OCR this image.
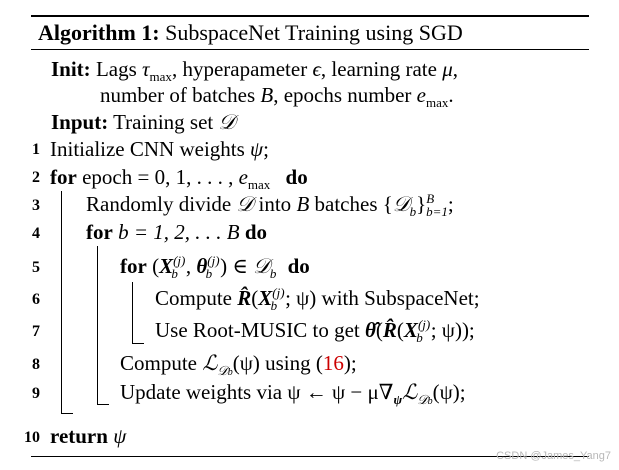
Algorithm 1: SubspaceNet Training using SGD
Init: Lags $\tau_{max}$, hyperapameter ϵ, learning rate μ,
number of batches B, epochs number $e_{max}$.
Input: Training set 𝒟
1 Initialize CNN weights ψ;
2 for epoch = 0, 1, . . . , $e_{max}$ do
3 Randomly divide 𝒟 into B batches {𝒟$_b$}$^B_{b=1}$;
4 for b = 1, 2, . . . B do
5	for ($X^{(j)}_b$ , $\theta^{(j)}_b$ ) ∈ 𝒟$_b$ do
6	Compute $R̂(X^{(j)}_b$ ; ψ) with SubspaceNet;
7	Use Root-MUSIC to get $\thetâ(R̂(X^{(j)}_b$ ; ψ));
8	Compute ℒ$_{𝒟b}$(ψ) using (16);
9	Update weights via ψ ← $\psi - \mu\nabla_\psi ℒ_{𝒟b}(\psi)$;
10 return ψ
CSDN @James_Yang7
